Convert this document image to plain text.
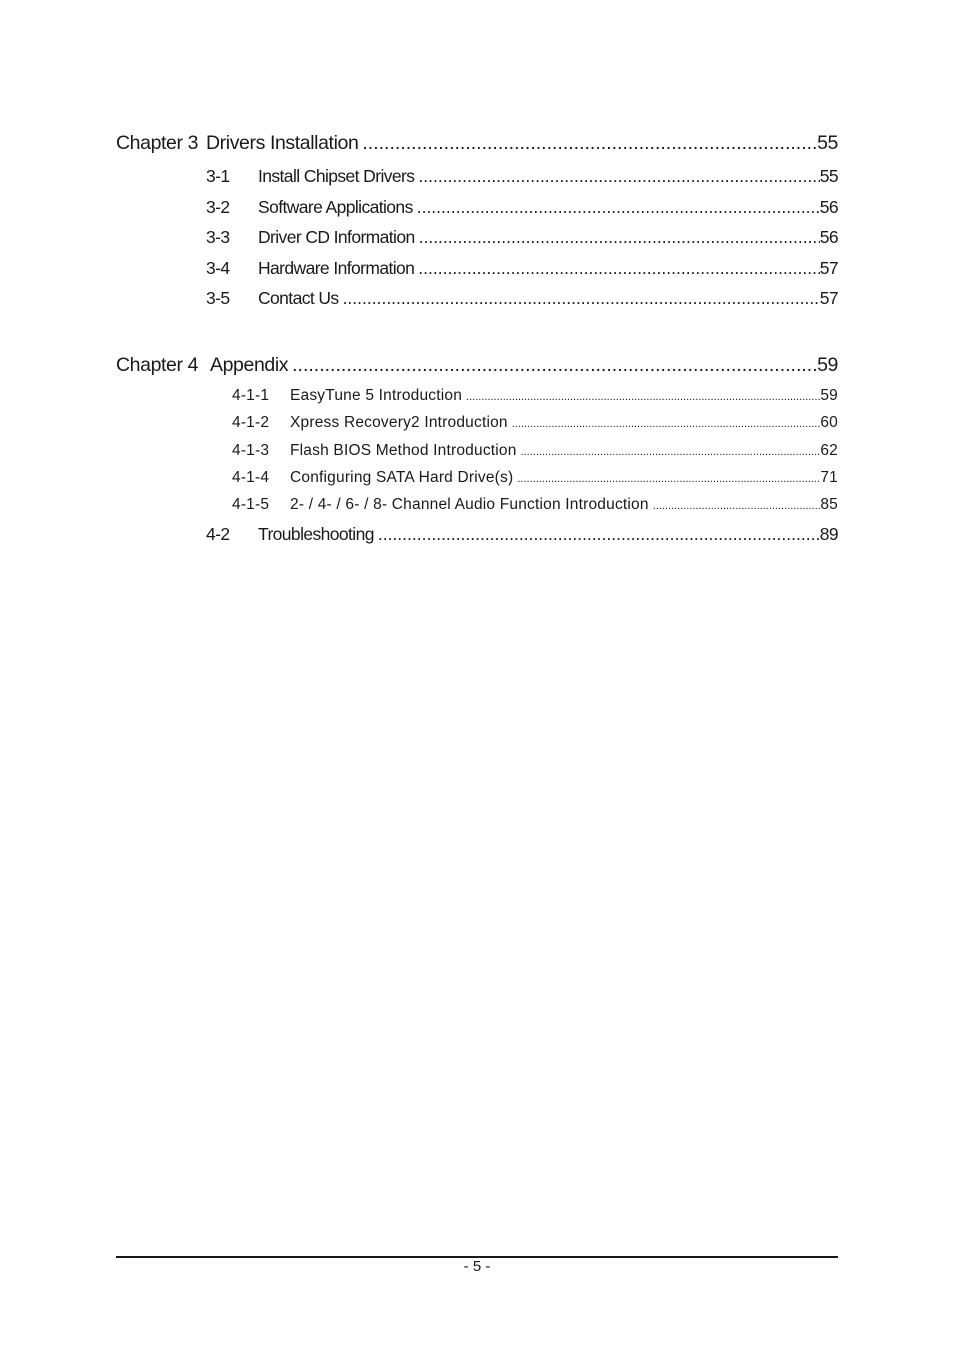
Chapter 3 Drivers Installation .....	55
3-1	Install Chipset Drivers .....	55
3-2	Software Applications .....	56
3-3	Driver CD Information .....	56
3-4	Hardware Information .....	57
3-5	Contact Us .....	57
Chapter 4 Appendix .....	59
4-1-1	EasyTune 5 Introduction .....	59
4-1-2	Xpress Recovery2 Introduction .....	60
4-1-3	Flash BIOS Method Introduction .....	62
4-1-4	Configuring SATA Hard Drive(s) .....	71
4-1-5	2- / 4- / 6- / 8- Channel Audio Function Introduction .....	85
4-2	Troubleshooting .....	89
- 5 -
